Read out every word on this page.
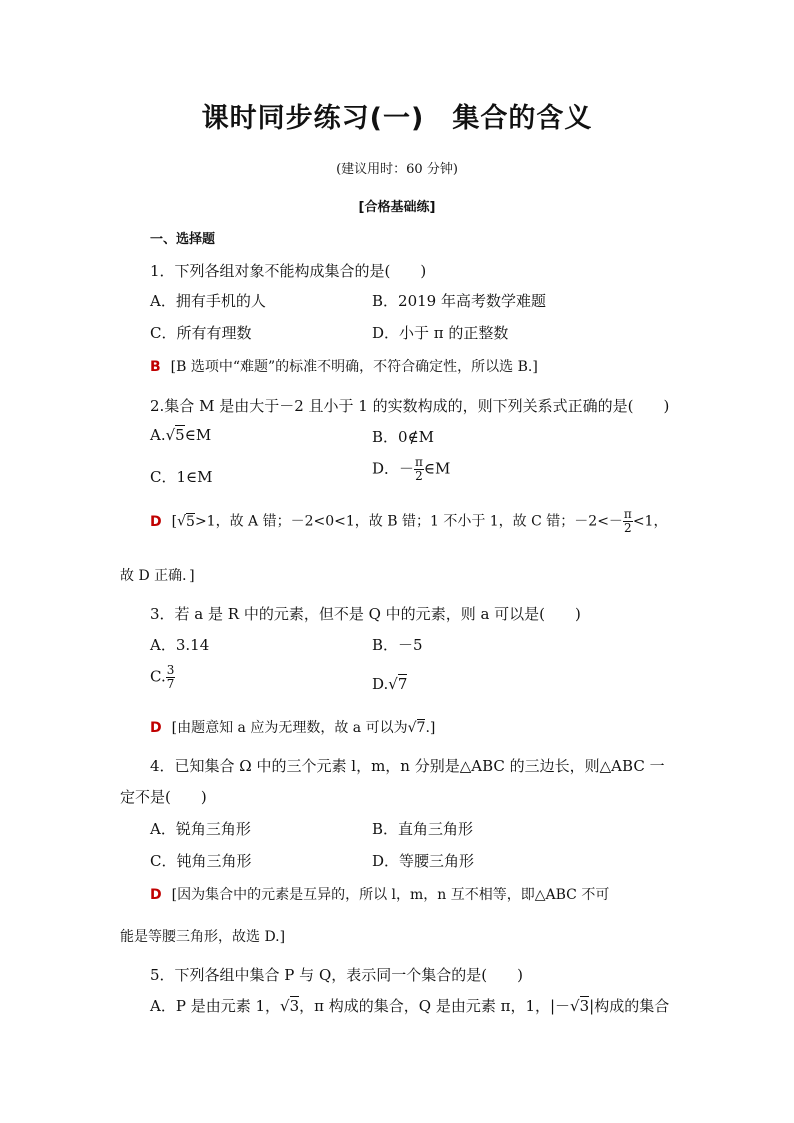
课时同步练习(一)　集合的含义
(建议用时：60 分钟)
[合格基础练]
一、选择题
1．下列各组对象不能构成集合的是(　　)
A．拥有手机的人	B．2019 年高考数学难题
C．所有有理数	D．小于 π 的正整数
B [B 选项中“难题”的标准不明确，不符合确定性，所以选 B.]
2.集合 M 是由大于－2 且小于 1 的实数构成的，则下列关系式正确的是(　　)
A.√5∈M	B．0∉M
C．1∈M	D．－ $\frac{\pi}{2}$ ∈M
D [√5>1，故 A 错；－2<0<1，故 B 错；1 不小于 1，故 C 错；$-2<- \frac{\pi}{2} <1$，
故 D 正确．]
3．若 a 是 R 中的元素，但不是 Q 中的元素，则 a 可以是(　　)
A．3.14	B．－5
C. $\frac{3}{7}$	D.√7
D [由题意知 a 应为无理数，故 a 可以为√7.]
4．已知集合 Ω 中的三个元素 l，m，n 分别是△ABC 的三边长，则△ABC 一
定不是(　　)
A．锐角三角形	B．直角三角形
C．钝角三角形	D．等腰三角形
D [因为集合中的元素是互异的，所以 l，m，n 互不相等，即△ABC 不可
能是等腰三角形，故选 D.]
5．下列各组中集合 P 与 Q，表示同一个集合的是(　　)
A．P 是由元素 1，√3，π 构成的集合，Q 是由元素 π，1，|－√3|构成的集合
